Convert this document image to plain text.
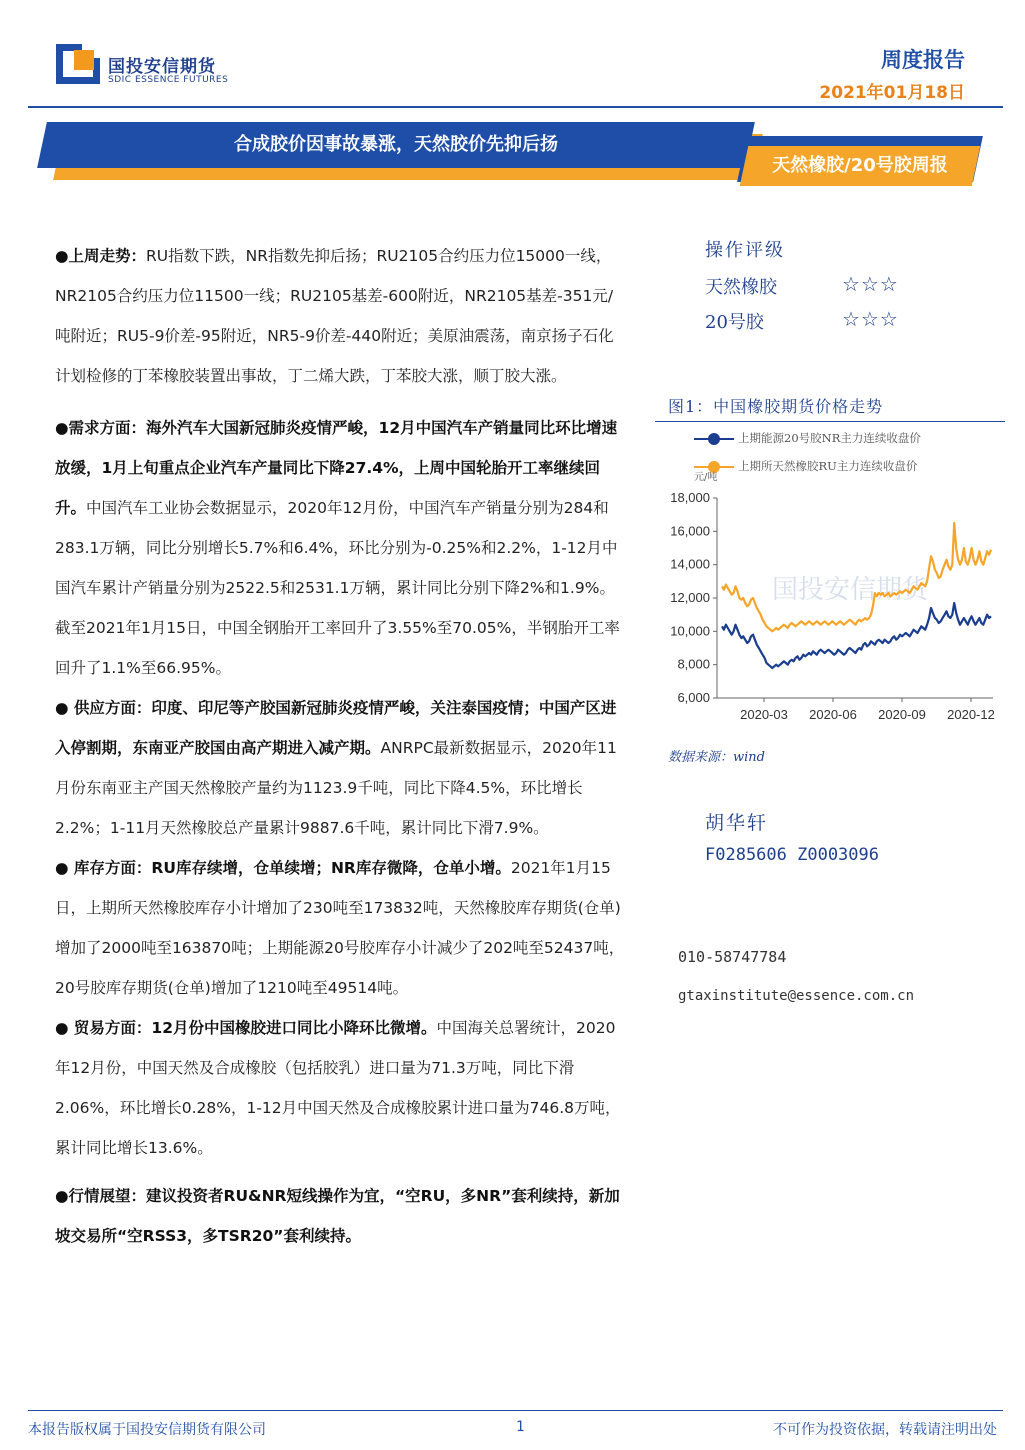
国投安信期货
SDIC ESSENCE FUTURES
周度报告
2021年01月18日
合成胶价因事故暴涨，天然胶价先抑后扬
天然橡胶/20号胶周报

●上周走势：RU指数下跌，NR指数先抑后扬；RU2105合约压力位15000一线，NR2105合约压力位11500一线；RU2105基差-600附近，NR2105基差-351元/吨附近；RU5-9价差-95附近，NR5-9价差-440附近；美原油震荡，南京扬子石化计划检修的丁苯橡胶装置出事故，丁二烯大跌，丁苯胶大涨，顺丁胶大涨。

●需求方面：海外汽车大国新冠肺炎疫情严峻，12月中国汽车产销量同比环比增速放缓，1月上旬重点企业汽车产量同比下降27.4%，上周中国轮胎开工率继续回升。中国汽车工业协会数据显示，2020年12月份，中国汽车产销量分别为284和283.1万辆，同比分别增长5.7%和6.4%，环比分别为-0.25%和2.2%，1-12月中国汽车累计产销量分别为2522.5和2531.1万辆，累计同比分别下降2%和1.9%。截至2021年1月15日，中国全钢胎开工率回升了3.55%至70.05%，半钢胎开工率回升了1.1%至66.95%。

● 供应方面：印度、印尼等产胶国新冠肺炎疫情严峻，关注泰国疫情；中国产区进入停割期，东南亚产胶国由高产期进入减产期。ANRPC最新数据显示，2020年11月份东南亚主产国天然橡胶产量约为1123.9千吨，同比下降4.5%，环比增长2.2%；1-11月天然橡胶总产量累计9887.6千吨，累计同比下滑7.9%。

● 库存方面：RU库存续增，仓单续增；NR库存微降，仓单小增。2021年1月15日，上期所天然橡胶库存小计增加了230吨至173832吨，天然橡胶库存期货(仓单)增加了2000吨至163870吨；上期能源20号胶库存小计减少了202吨至52437吨，20号胶库存期货(仓单)增加了1210吨至49514吨。

● 贸易方面：12月份中国橡胶进口同比小降环比微增。中国海关总署统计，2020年12月份，中国天然及合成橡胶（包括胶乳）进口量为71.3万吨，同比下滑2.06%，环比增长0.28%，1-12月中国天然及合成橡胶累计进口量为746.8万吨，累计同比增长13.6%。

●行情展望：建议投资者RU&NR短线操作为宜，“空RU，多NR”套利续持，新加坡交易所“空RSS3，多TSR20”套利续持。

操作评级
天然橡胶	☆☆☆
20号胶	☆☆☆
图1：中国橡胶期货价格走势
上期能源20号胶NR主力连续收盘价
上期所天然橡胶RU主力连续收盘价
元/吨
国投安信期货
18,000
16,000
14,000
12,000
10,000
8,000
6,000
2020-03 2020-06 2020-09 2020-12
数据来源：wind
胡华轩
F0285606 Z0003096
010-58747784
gtaxinstitute@essence.com.cn
本报告版权属于国投安信期货有限公司	1	不可作为投资依据，转载请注明出处
